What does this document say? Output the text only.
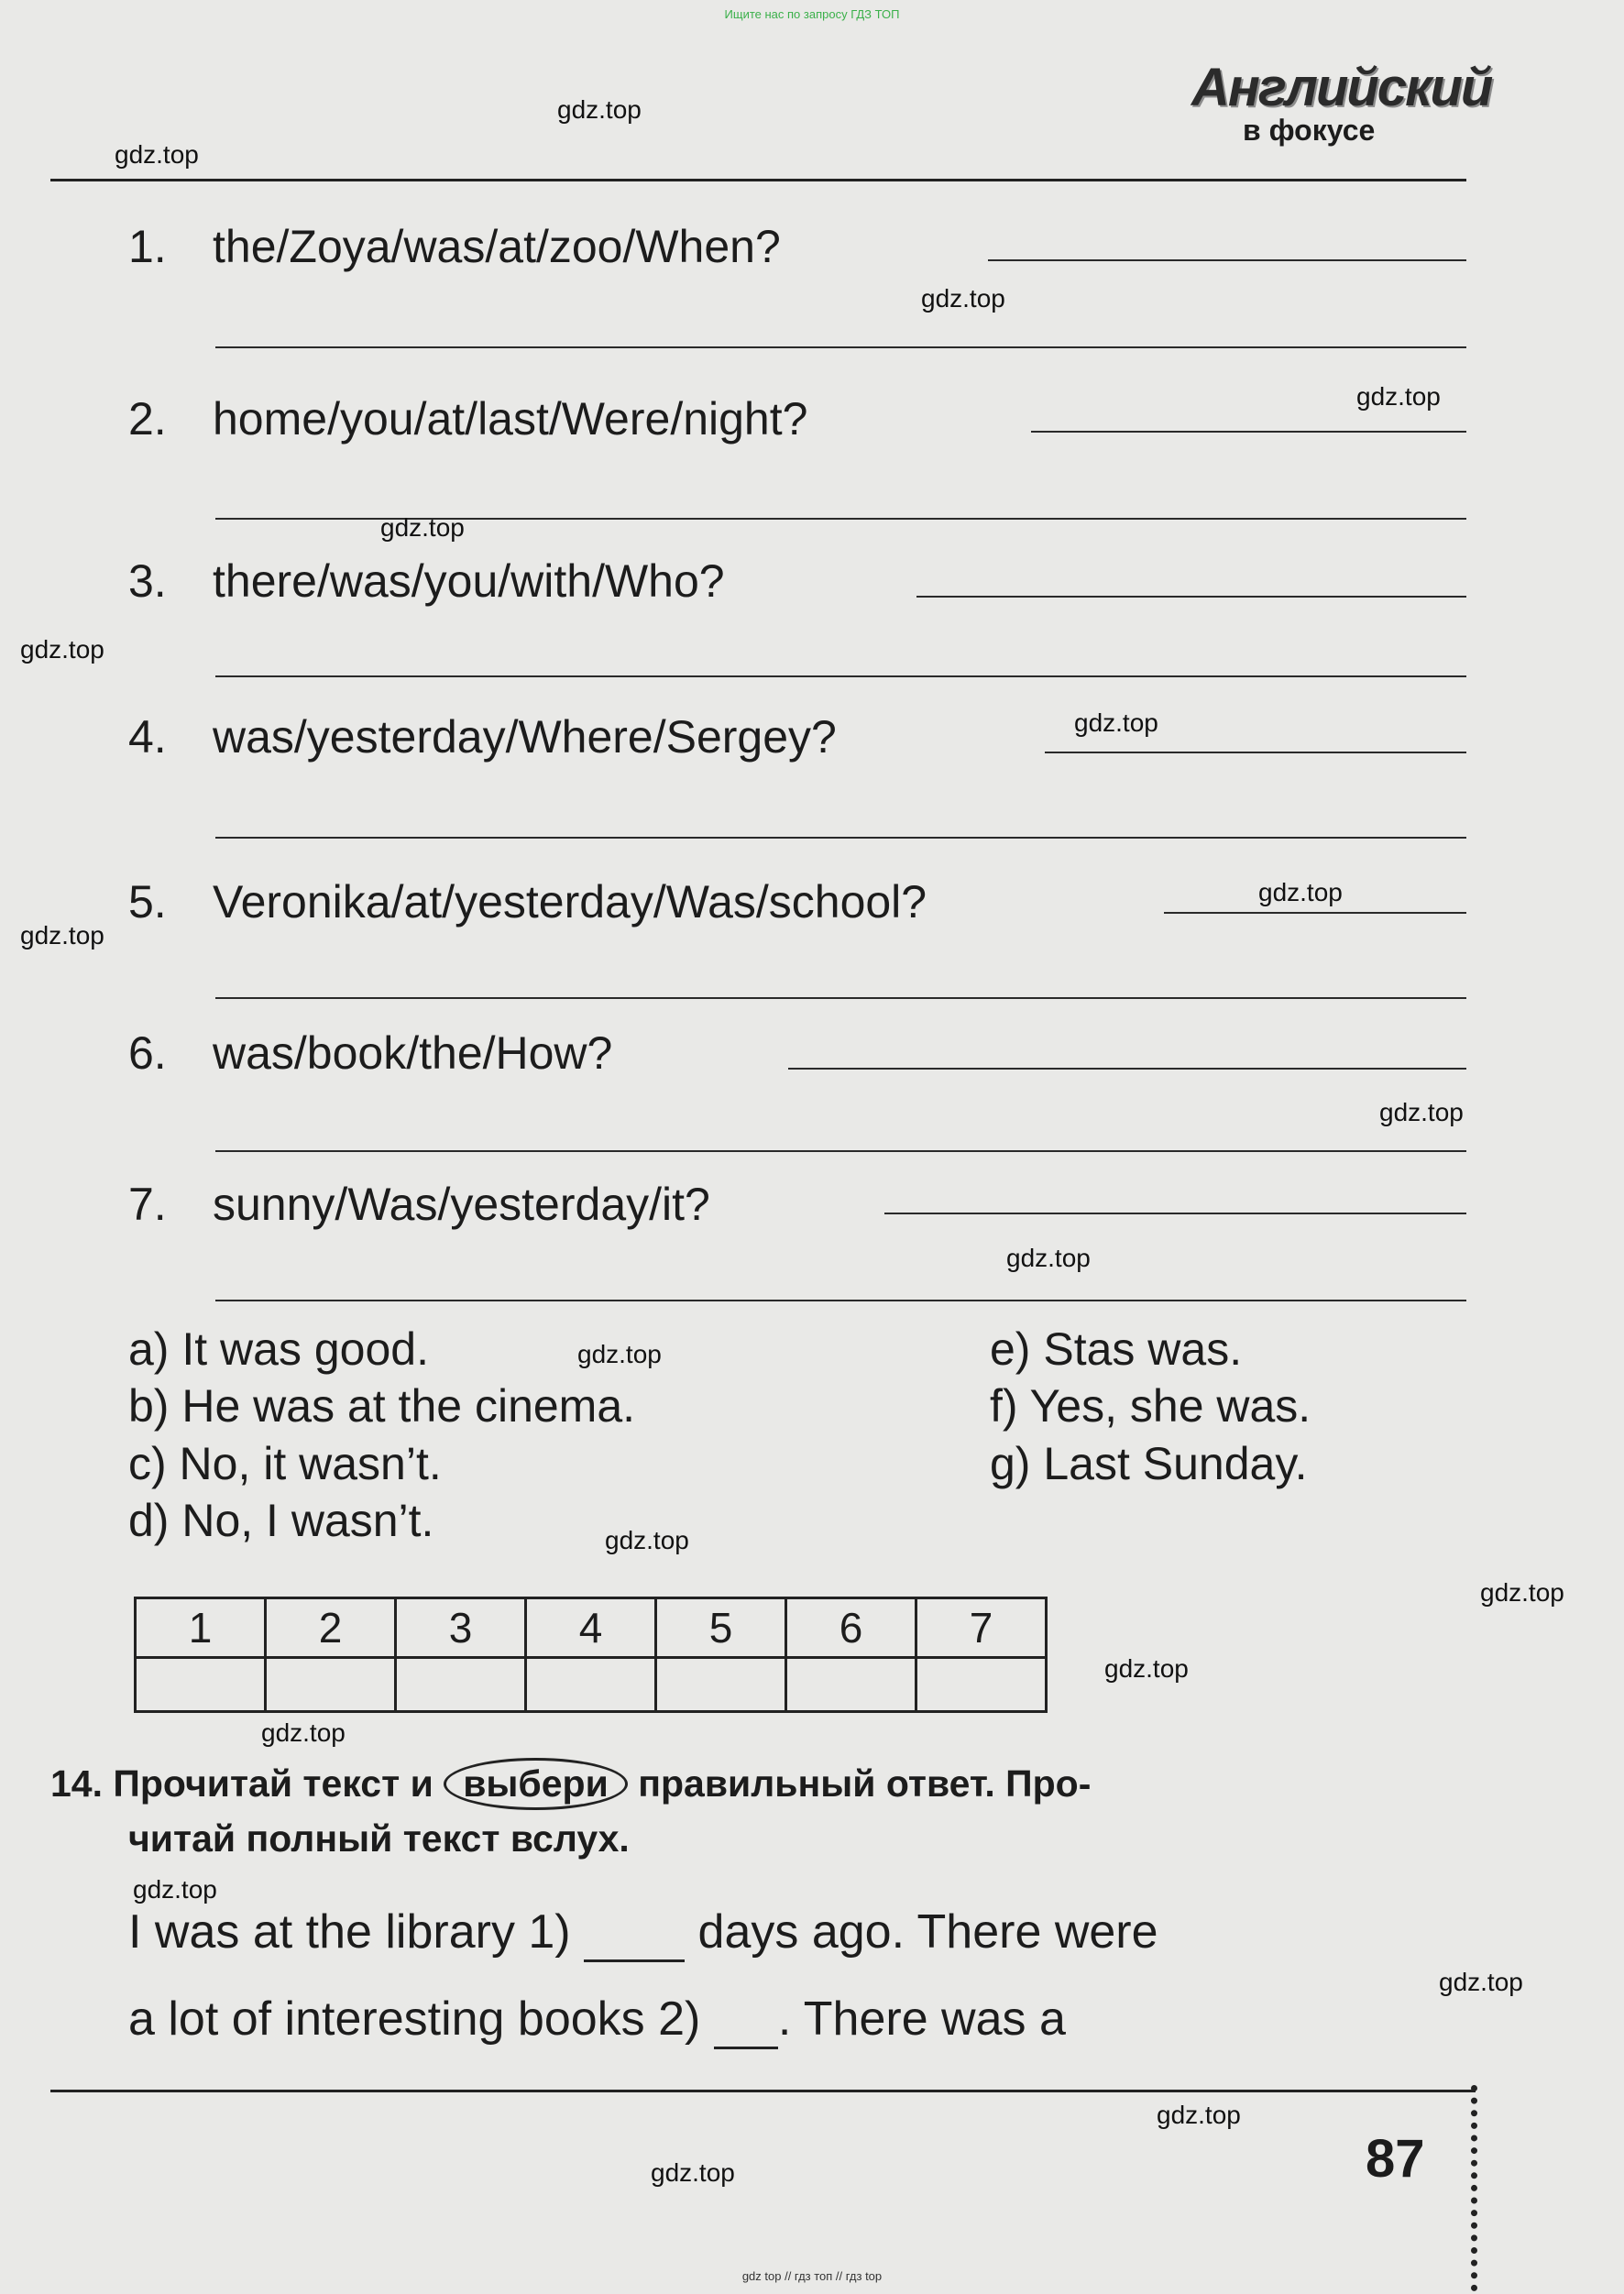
Ищите нас по запросу ГДЗ ТОП
Английский
в фокусе
1. the/Zoya/was/at/zoo/When?
2. home/you/at/last/Were/night?
3. there/was/you/with/Who?
4. was/yesterday/Where/Sergey?
5. Veronika/at/yesterday/Was/school?
6. was/book/the/How?
7. sunny/Was/yesterday/it?
a) It was good.
b) He was at the cinema.
c) No, it wasn’t.
d) No, I wasn’t.
e) Stas was.
f) Yes, she was.
g) Last Sunday.
1	2	3	4	5	6	7

14. Прочитай текст и выбери правильный ответ. Про-
читай полный текст вслух.
I was at the library 1)	days ago. There were
a lot of interesting books 2) . There was a
87
gdz.top
gdz.top
gdz.top
gdz.top
gdz.top
gdz.top
gdz.top
gdz.top
gdz.top
gdz.top
gdz.top
gdz.top
gdz.top
gdz.top
gdz.top
gdz.top
gdz.top
gdz.top
gdz.top
gdz.top
gdz top // гдз топ // гдз top
